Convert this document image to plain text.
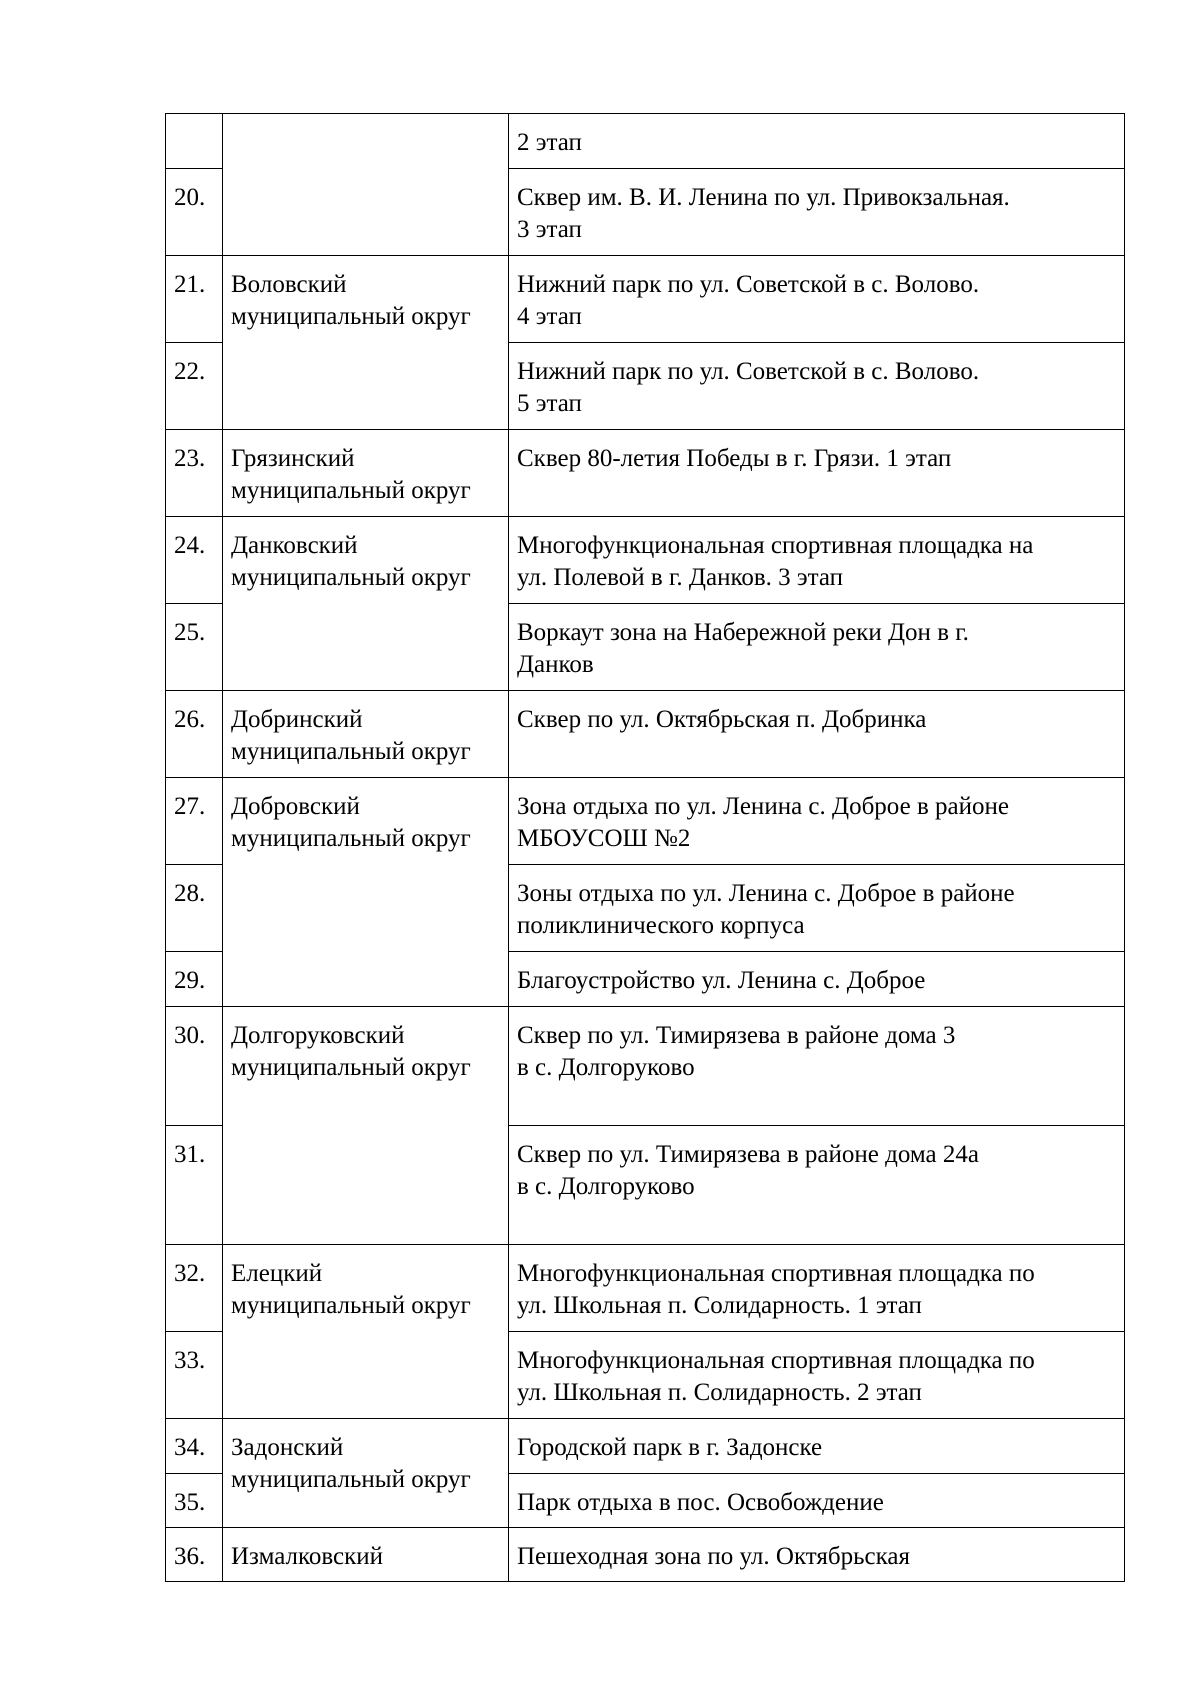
		2 этап

20.		Сквер им. В. И. Ленина по ул. Привокзальная.
3 этап

21.	Воловский
муниципальный округ	Нижний парк по ул. Советской в с. Волово.
4 этап

22.		Нижний парк по ул. Советской в с. Волово.
5 этап

23.	Грязинский
муниципальный округ	Сквер 80-летия Победы в г. Грязи. 1 этап

24.	Данковский
муниципальный округ	Многофункциональная спортивная площадка на
ул. Полевой в г. Данков. 3 этап

25.		Воркаут зона на Набережной реки Дон в г.
Данков

26.	Добринский
муниципальный округ	Сквер по ул. Октябрьская п. Добринка

27.	Добровский
муниципальный округ	Зона отдыха по ул. Ленина с. Доброе в районе
МБОУСОШ №2

28.		Зоны отдыха по ул. Ленина с. Доброе в районе
поликлинического корпуса

29.		Благоустройство ул. Ленина с. Доброе

30.	Долгоруковский
муниципальный округ	Сквер по ул. Тимирязева в районе дома 3
в с. Долгоруково

31.		Сквер по ул. Тимирязева в районе дома 24а
в с. Долгоруково

32.	Елецкий
муниципальный округ	Многофункциональная спортивная площадка по
ул. Школьная п. Солидарность. 1 этап

33.		Многофункциональная спортивная площадка по
ул. Школьная п. Солидарность. 2 этап

34.	Задонский
муниципальный округ	Городской парк в г. Задонске

35.		Парк отдыха в пос. Освобождение

36.	Измалковский	Пешеходная зона по ул. Октябрьская
